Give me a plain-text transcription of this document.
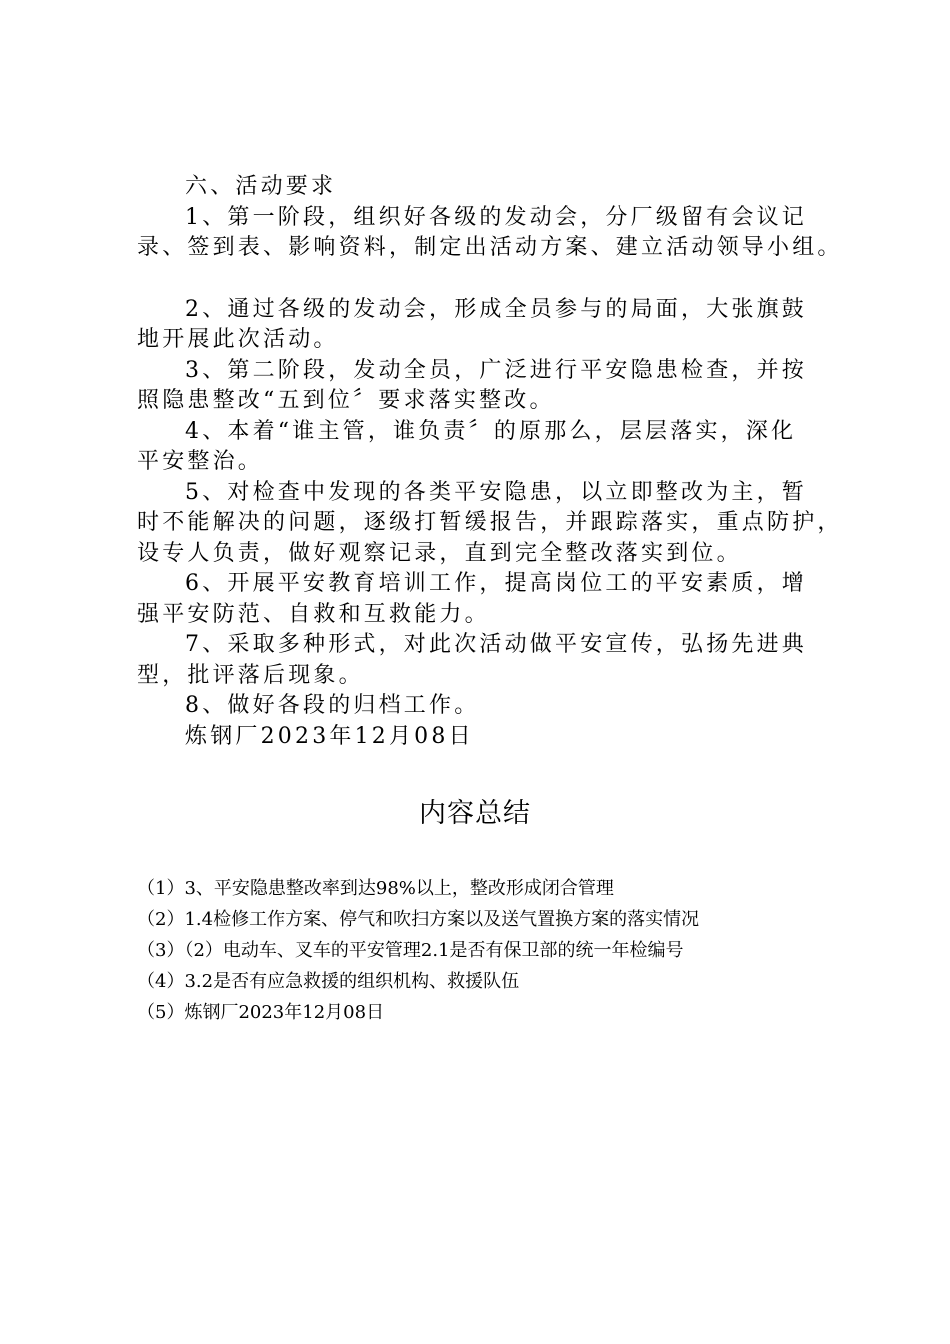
六、活动要求

1、第一阶段，组织好各级的发动会，分厂级留有会议记

录、签到表、影响资料，制定出活动方案、建立活动领导小组。

2、通过各级的发动会，形成全员参与的局面，大张旗鼓

地开展此次活动。

3、第二阶段，发动全员，广泛进行平安隐患检查，并按

照隐患整改“五到位〞要求落实整改。

4、本着“谁主管，谁负责〞的原那么，层层落实，深化

平安整治。

5、对检查中发现的各类平安隐患，以立即整改为主，暂

时不能解决的问题，逐级打暂缓报告，并跟踪落实，重点防护，

设专人负责，做好观察记录，直到完全整改落实到位。

6、开展平安教育培训工作，提高岗位工的平安素质，增

强平安防范、自救和互救能力。

7、采取多种形式，对此次活动做平安宣传，弘扬先进典

型，批评落后现象。

8、做好各段的归档工作。

炼钢厂2023年12月08日

内容总结
（1）3、平安隐患整改率到达98%以上，整改形成闭合管理
（2）1.4检修工作方案、停气和吹扫方案以及送气置换方案的落实情况
（3）（2）电动车、叉车的平安管理2.1是否有保卫部的统一年检编号
（4）3.2是否有应急救援的组织机构、救援队伍
（5）炼钢厂2023年12月08日
